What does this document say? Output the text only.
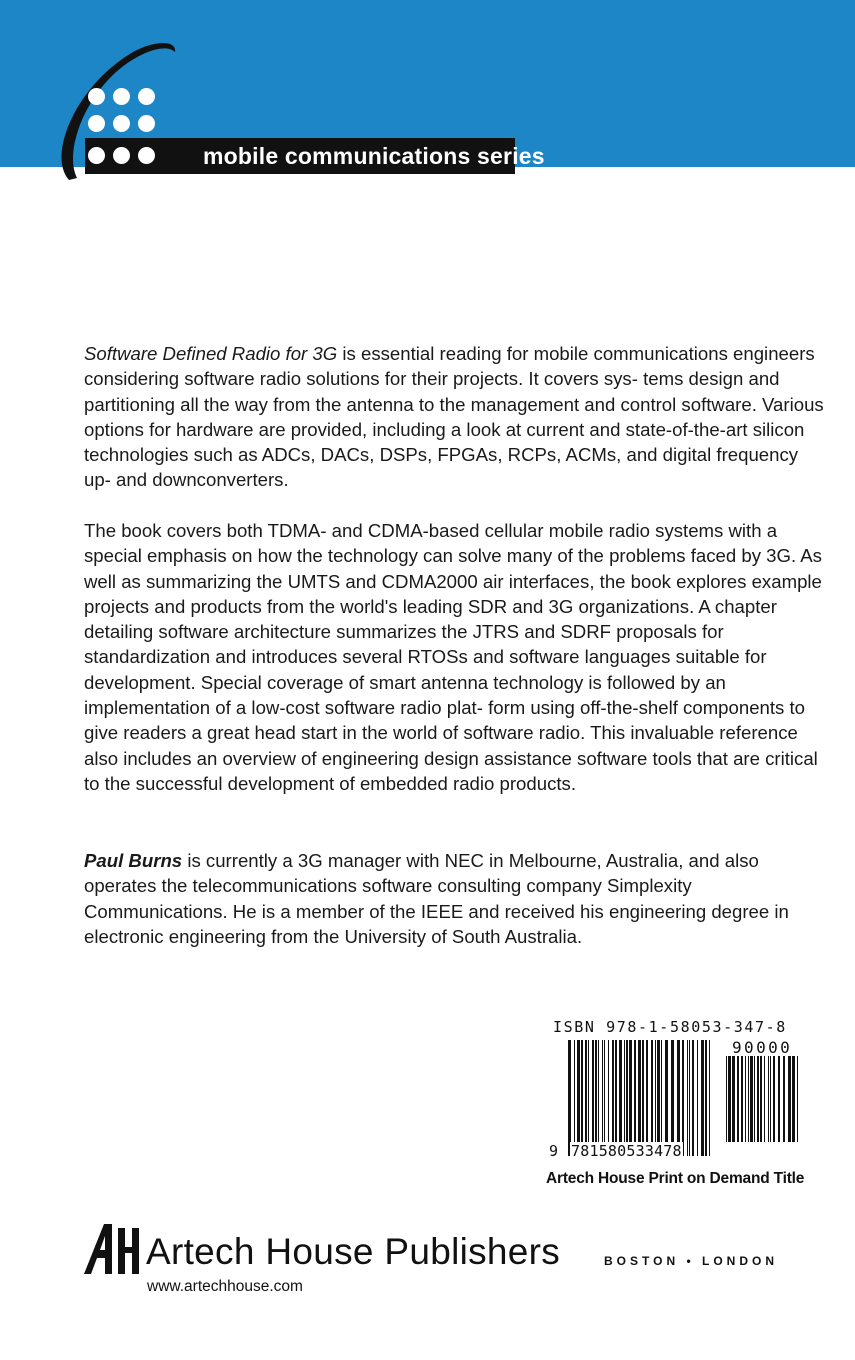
mobile communications series

Software Defined Radio for 3G is essential reading for mobile communications engineers considering software radio solutions for their projects. It covers sys- tems design and partitioning all the way from the antenna to the management and control software. Various options for hardware are provided, including a look at current and state-of-the-art silicon technologies such as ADCs, DACs, DSPs, FPGAs, RCPs, ACMs, and digital frequency up- and downconverters.

The book covers both TDMA- and CDMA-based cellular mobile radio systems with a special emphasis on how the technology can solve many of the problems faced by 3G. As well as summarizing the UMTS and CDMA2000 air interfaces, the book explores example projects and products from the world's leading SDR and 3G organizations. A chapter detailing software architecture summarizes the JTRS and SDRF proposals for standardization and introduces several RTOSs and software languages suitable for development. Special coverage of smart antenna technology is followed by an implementation of a low-cost software radio plat- form using off-the-shelf components to give readers a great head start in the world of software radio. This invaluable reference also includes an overview of engineering design assistance software tools that are critical to the successful development of embedded radio products.

Paul Burns is currently a 3G manager with NEC in Melbourne, Australia, and also operates the telecommunications software consulting company Simplexity Communications. He is a member of the IEEE and received his engineering degree in electronic engineering from the University of South Australia.

ISBN 978-1-58053-347-8
90000
9 781580533478
Artech House Print on Demand Title
Artech House Publishers
www.artechhouse.com
BOSTON • LONDON
